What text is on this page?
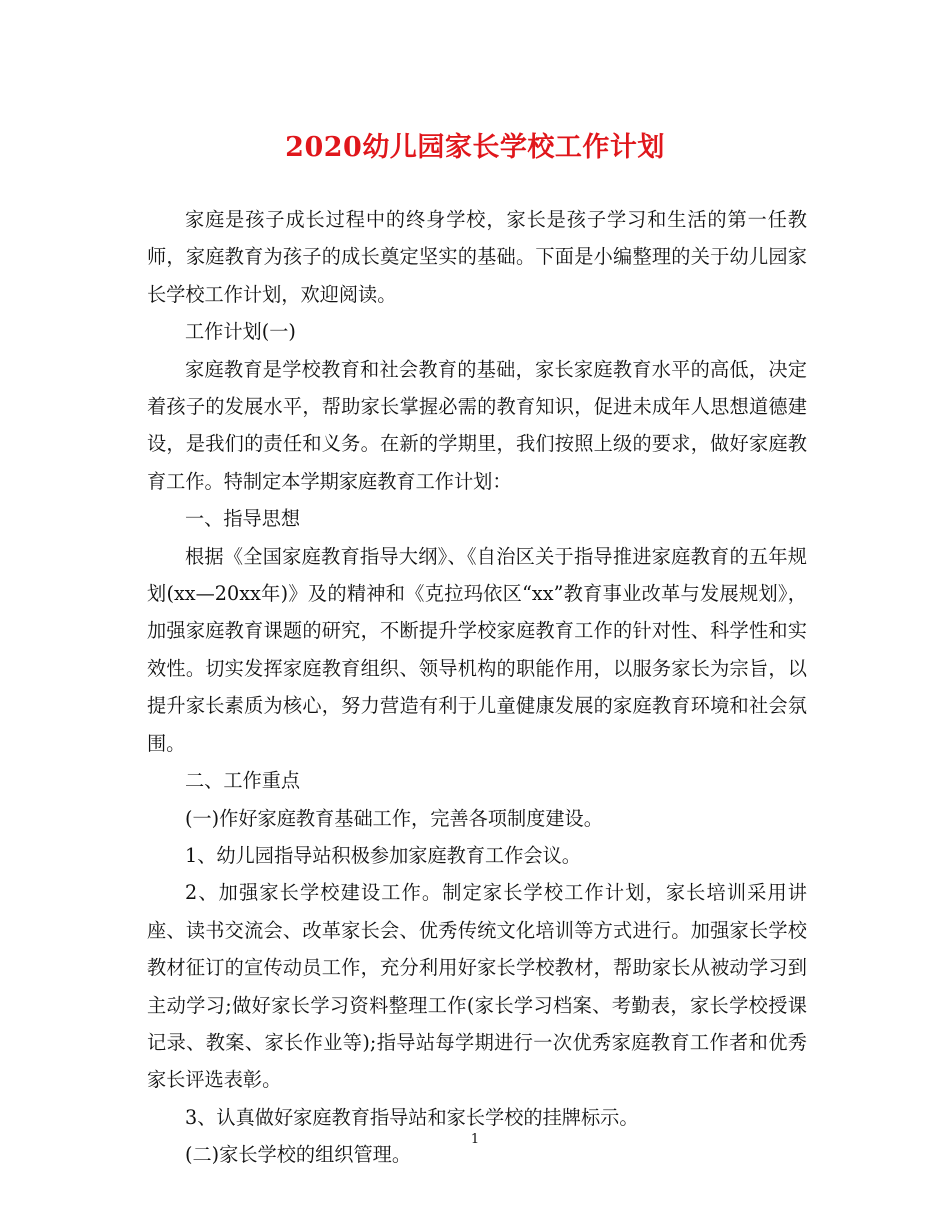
2020幼儿园家长学校工作计划

家庭是孩子成长过程中的终身学校，家长是孩子学习和生活的第一任教师，家庭教育为孩子的成长奠定坚实的基础。下面是小编整理的关于幼儿园家长学校工作计划，欢迎阅读。

工作计划(一)

家庭教育是学校教育和社会教育的基础，家长家庭教育水平的高低，决定着孩子的发展水平，帮助家长掌握必需的教育知识，促进未成年人思想道德建设，是我们的责任和义务。在新的学期里，我们按照上级的要求，做好家庭教育工作。特制定本学期家庭教育工作计划：

一、指导思想

根据《全国家庭教育指导大纲》、《自治区关于指导推进家庭教育的五年规划(xx—20xx年)》及的精神和《克拉玛依区“xx”教育事业改革与发展规划》，加强家庭教育课题的研究，不断提升学校家庭教育工作的针对性、科学性和实效性。切实发挥家庭教育组织、领导机构的职能作用，以服务家长为宗旨，以提升家长素质为核心，努力营造有利于儿童健康发展的家庭教育环境和社会氛围。

二、工作重点

(一)作好家庭教育基础工作，完善各项制度建设。

1、幼儿园指导站积极参加家庭教育工作会议。

2、加强家长学校建设工作。制定家长学校工作计划，家长培训采用讲座、读书交流会、改革家长会、优秀传统文化培训等方式进行。加强家长学校教材征订的宣传动员工作，充分利用好家长学校教材，帮助家长从被动学习到主动学习;做好家长学习资料整理工作(家长学习档案、考勤表，家长学校授课记录、教案、家长作业等);指导站每学期进行一次优秀家庭教育工作者和优秀家长评选表彰。

3、认真做好家庭教育指导站和家长学校的挂牌标示。

(二)家长学校的组织管理。

1
